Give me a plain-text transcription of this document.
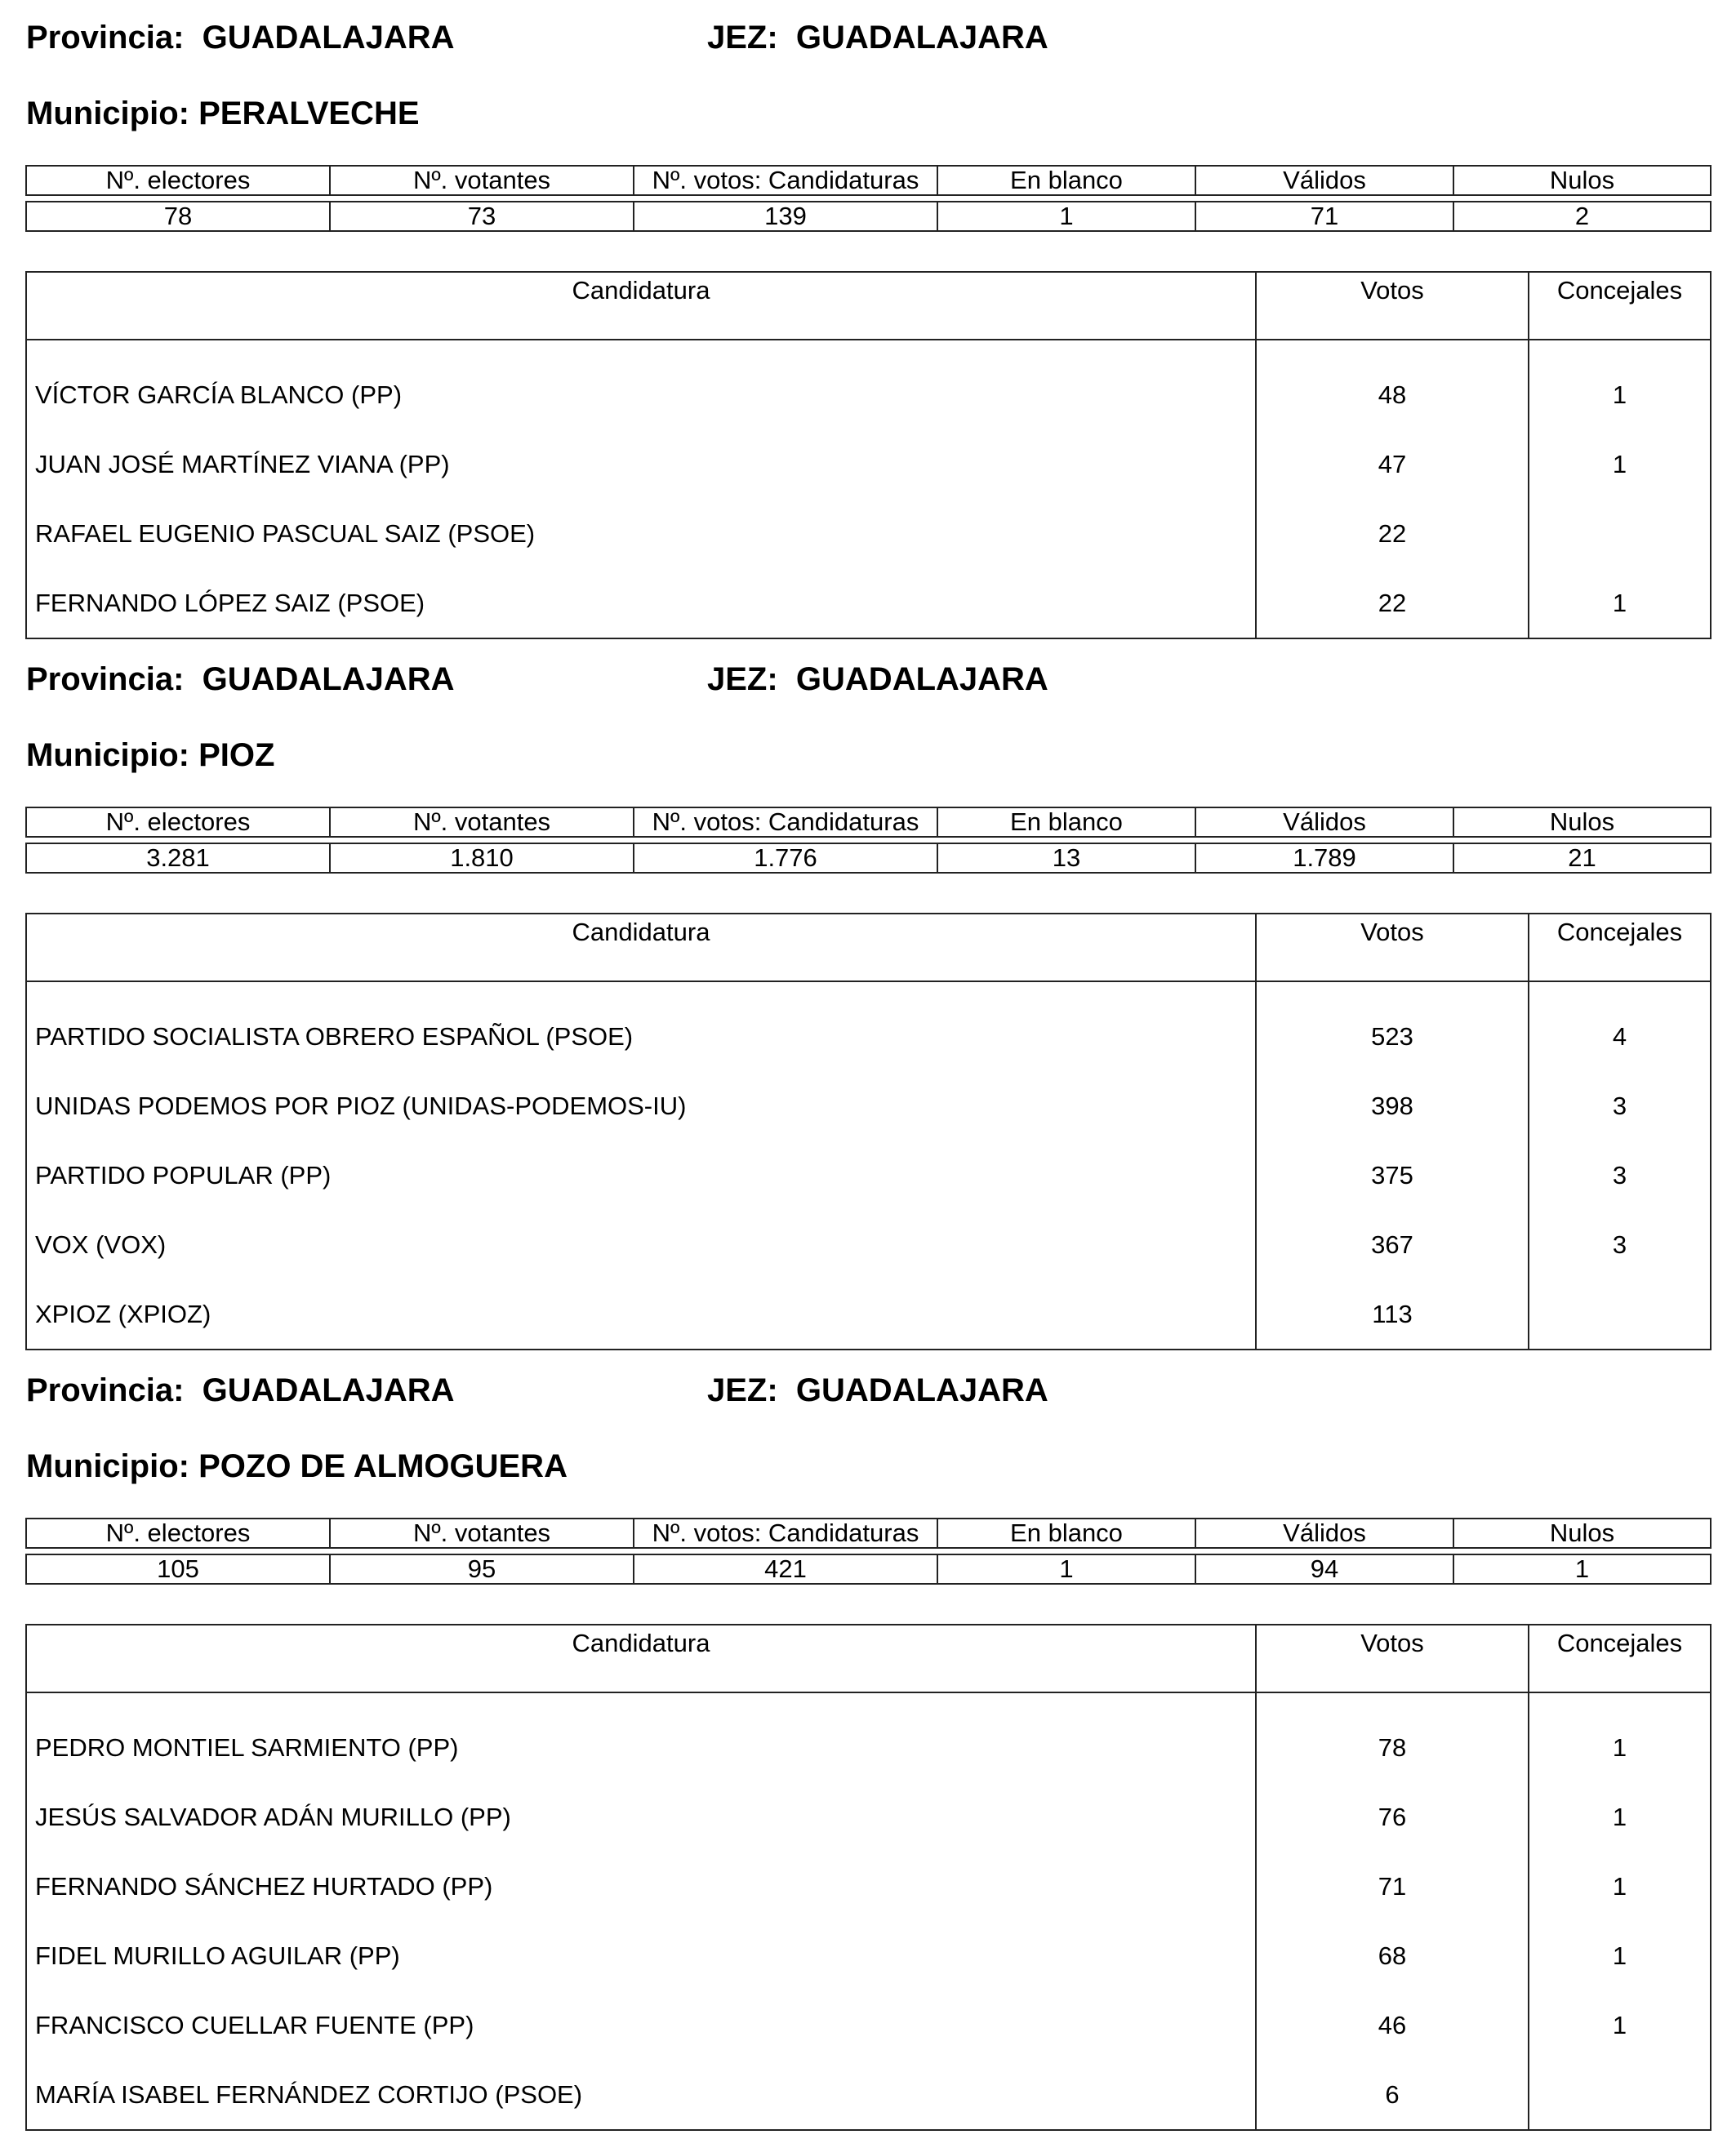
Provincia: GUADALAJARA	JEZ: GUADALAJARA
Municipio: PERALVECHE
Nº. electores	Nº. votantes	Nº. votos: Candidaturas	En blanco	Válidos	Nulos

78	73	139	1	71	2
Candidatura	Votos	Concejales
VÍCTOR GARCÍA BLANCO (PP)	48	1
JUAN JOSÉ MARTÍNEZ VIANA (PP)	47	1
RAFAEL EUGENIO PASCUAL SAIZ (PSOE)	22	
FERNANDO LÓPEZ SAIZ (PSOE)	22	1
Provincia: GUADALAJARA	JEZ: GUADALAJARA
Municipio: PIOZ
Nº. electores	Nº. votantes	Nº. votos: Candidaturas	En blanco	Válidos	Nulos

3.281	1.810	1.776	13	1.789	21
Candidatura	Votos	Concejales
PARTIDO SOCIALISTA OBRERO ESPAÑOL (PSOE)	523	4
UNIDAS PODEMOS POR PIOZ (UNIDAS-PODEMOS-IU)	398	3
PARTIDO POPULAR (PP)	375	3
VOX (VOX)	367	3
XPIOZ (XPIOZ)	113	
Provincia: GUADALAJARA	JEZ: GUADALAJARA
Municipio: POZO DE ALMOGUERA
Nº. electores	Nº. votantes	Nº. votos: Candidaturas	En blanco	Válidos	Nulos

105	95	421	1	94	1
Candidatura	Votos	Concejales
PEDRO MONTIEL SARMIENTO (PP)	78	1
JESÚS SALVADOR ADÁN MURILLO (PP)	76	1
FERNANDO SÁNCHEZ HURTADO (PP)	71	1
FIDEL MURILLO AGUILAR (PP)	68	1
FRANCISCO CUELLAR FUENTE (PP)	46	1
MARÍA ISABEL FERNÁNDEZ CORTIJO (PSOE)	6	
